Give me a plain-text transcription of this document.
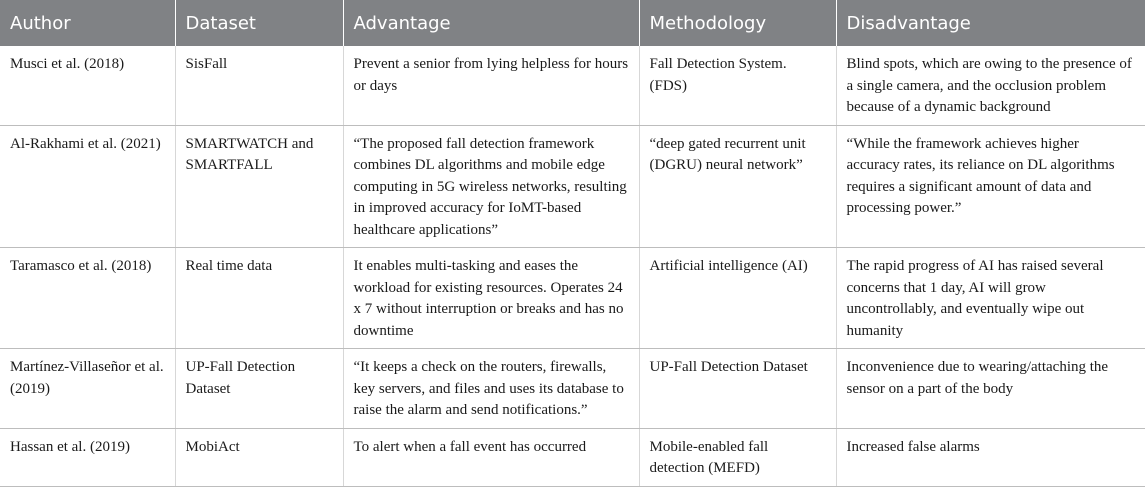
Author	Dataset	Advantage	Methodology	Disadvantage
Musci et al. (2018)	SisFall	Prevent a senior from lying helpless for hours or days	Fall Detection System. (FDS)	Blind spots, which are owing to the presence of a single camera, and the occlusion problem because of a dynamic background
Al-Rakhami et al. (2021)	SMARTWATCH and SMARTFALL	“The proposed fall detection framework combines DL algorithms and mobile edge computing in 5G wireless networks, resulting in improved accuracy for IoMT-based healthcare applications”	“deep gated recurrent unit (DGRU) neural network”	“While the framework achieves higher accuracy rates, its reliance on DL algorithms requires a significant amount of data and processing power.”
Taramasco et al. (2018)	Real time data	It enables multi-tasking and eases the workload for existing resources. Operates 24 x 7 without interruption or breaks and has no downtime	Artificial intelligence (AI)	The rapid progress of AI has raised several concerns that 1 day, AI will grow uncontrollably, and eventually wipe out humanity
Martínez-Villaseñor et al. (2019)	UP-Fall Detection Dataset	“It keeps a check on the routers, firewalls, key servers, and files and uses its database to raise the alarm and send notifications.”	UP-Fall Detection Dataset	Inconvenience due to wearing/attaching the sensor on a part of the body
Hassan et al. (2019)	MobiAct	To alert when a fall event has occurred	Mobile-enabled fall detection (MEFD)	Increased false alarms
